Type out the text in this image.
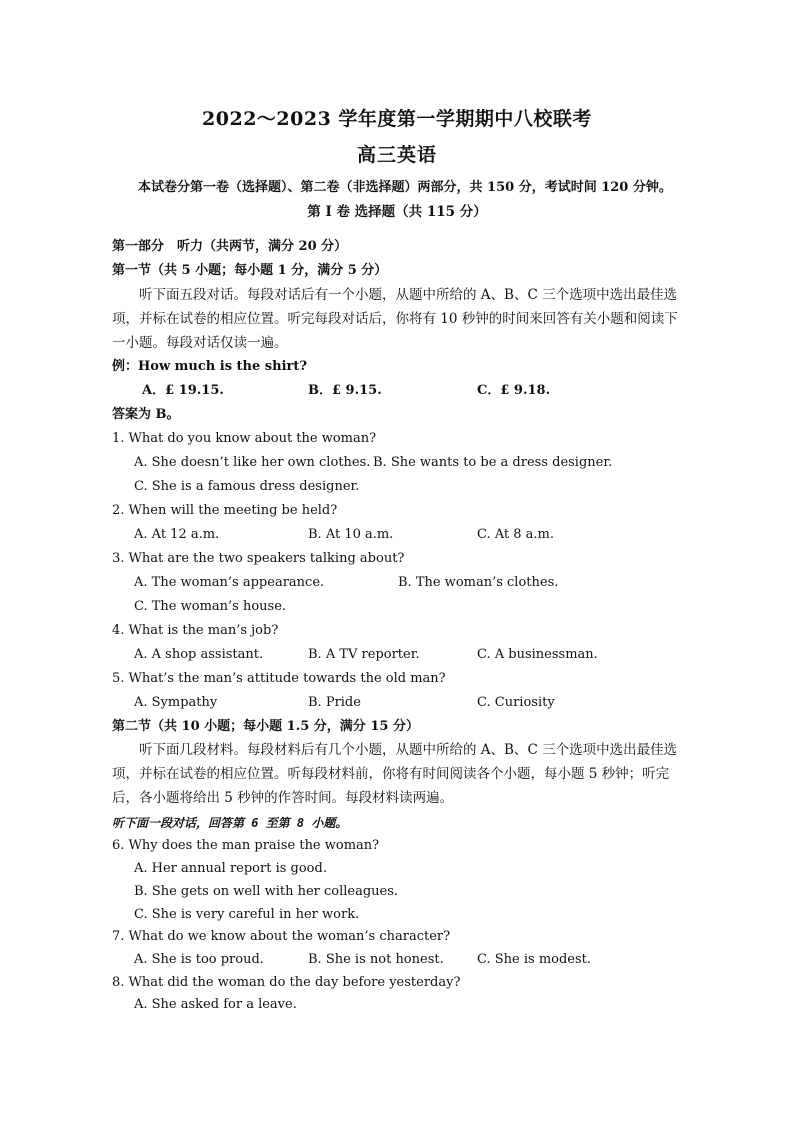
2022～2023 学年度第一学期期中八校联考
高三英语
本试卷分第一卷（选择题）、第二卷（非选择题）两部分，共 150 分，考试时间 120 分钟。
第 I 卷 选择题（共 115 分）
第一部分　听力（共两节，满分 20 分）
第一节（共 5 小题；每小题 1 分，满分 5 分）
听下面五段对话。每段对话后有一个小题，从题中所给的 A、B、C 三个选项中选出最佳选项，并标在试卷的相应位置。听完每段对话后，你将有 10 秒钟的时间来回答有关小题和阅读下一小题。每段对话仅读一遍。
例：How much is the shirt?
A．£ 19.15.	B．£ 9.15.	C．£ 9.18.
答案为 B。
1. What do you know about the woman?
A. She doesn’t like her own clothes. B. She wants to be a dress designer.
C. She is a famous dress designer.
2. When will the meeting be held?
A. At 12 a.m.	B. At 10 a.m.	C. At 8 a.m.
3. What are the two speakers talking about?
A. The woman’s appearance.	B. The woman’s clothes.
C. The woman’s house.
4. What is the man’s job?
A. A shop assistant.	B. A TV reporter.	C. A businessman.
5. What’s the man’s attitude towards the old man?
A. Sympathy	B. Pride	C. Curiosity
第二节（共 10 小题；每小题 1.5 分，满分 15 分）
听下面几段材料。每段材料后有几个小题，从题中所给的 A、B、C 三个选项中选出最佳选项，并标在试卷的相应位置。听每段材料前，你将有时间阅读各个小题，每小题 5 秒钟；听完后，各小题将给出 5 秒钟的作答时间。每段材料读两遍。
听下面一段对话，回答第 6 至第 8 小题。
6. Why does the man praise the woman?
A. Her annual report is good.
B. She gets on well with her colleagues.
C. She is very careful in her work.
7. What do we know about the woman’s character?
A. She is too proud.	B. She is not honest.	C. She is modest.
8. What did the woman do the day before yesterday?
A. She asked for a leave.
